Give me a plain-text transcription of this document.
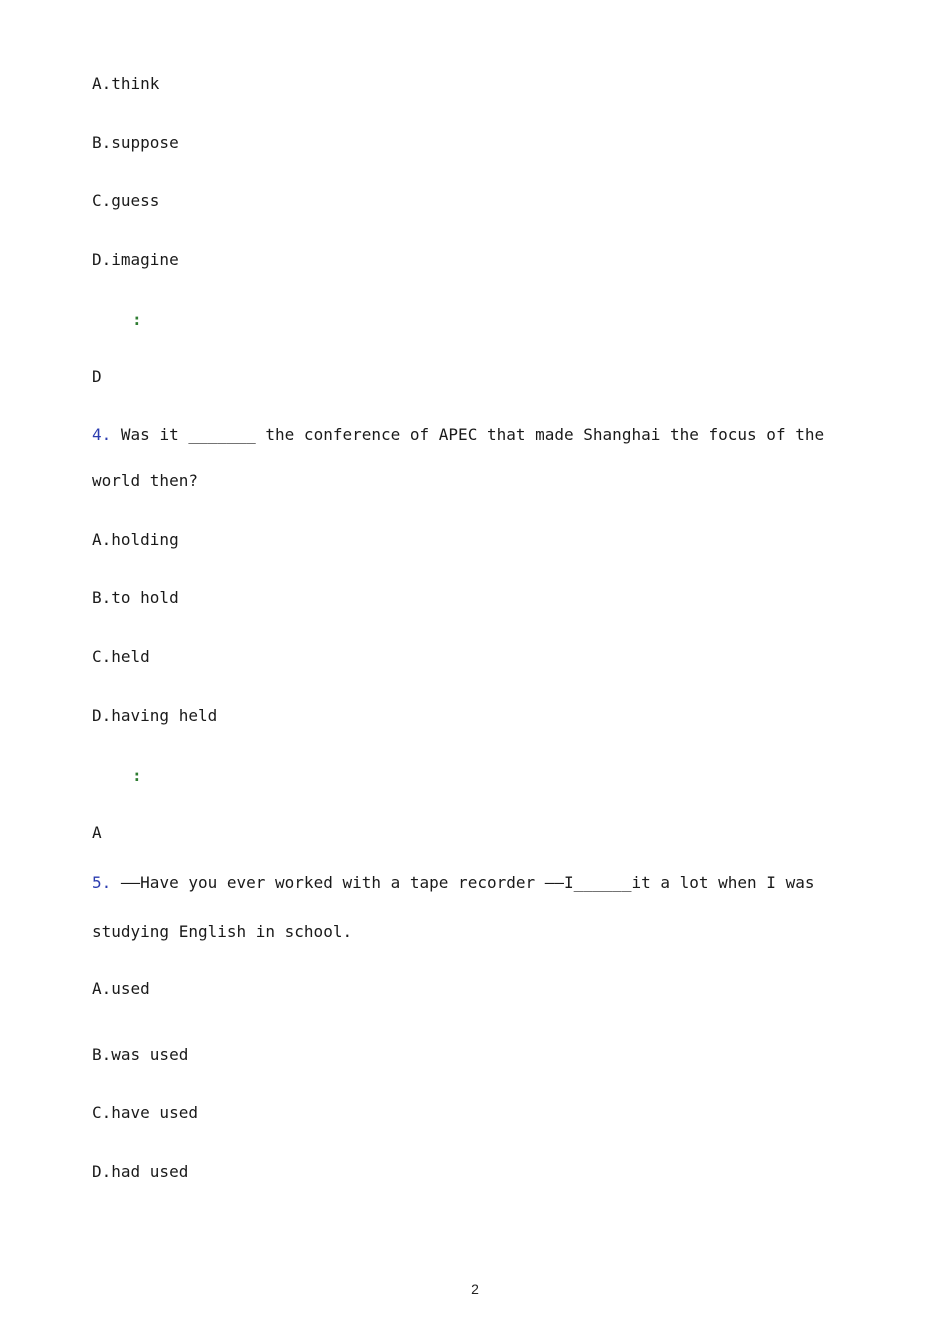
A.think
B.suppose
C.guess
D.imagine
:
D
4. Was it _______ the conference of APEC that made Shanghai the focus of the
world then?
A.holding
B.to hold
C.held
D.having held
:
A
5. ——Have you ever worked with a tape recorder ——I______it a lot when I was
studying English in school.
A.used
B.was used
C.have used
D.had used
2
